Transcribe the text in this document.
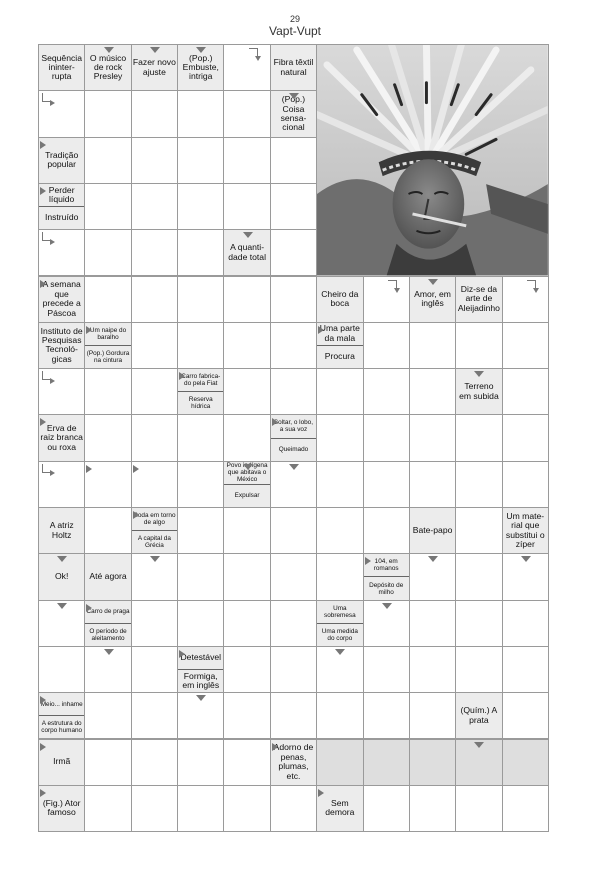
29
Vapt-Vupt
Sequência ininter- rupta
O músico de rock Presley
Fazer novo ajuste
(Pop.) Embuste, intriga
Fibra têxtil natural
(Pop.) Coisa sensa- cional
Tradição popular
Perder líquido
Instruído
A quanti- dade total
A semana que precede a Páscoa
Cheiro da boca
Amor, em inglês
Diz-se da arte de Aleijadinho
Instituto de Pesquisas Tecnoló- gicas
Um naipe do baralho
(Pop.) Gordura na cintura
Uma parte da mala
Procura
Carro fabrica- do pela Fiat
Reserva hídrica
Terreno em subida
Erva de raiz branca ou roxa
Soltar, o lobo, a sua voz
Queimado
Povo indígena que abitava o México
Expulsar
A atriz Holtz
Roda em torno de algo
A capital da Grécia
Bate-papo
Um mate- rial que substitui o zíper
Ok!	Até agora
104, em romanos
Depósito de milho
Carro de praga
O período de aleitamento
Uma sobremesa
Uma medida do corpo
Detestável
Formiga, em inglês
Meio... inhame
A estrutura do corpo humano
(Quím.) A prata
Irmã
Adorno de penas, plumas, etc.
(Fig.) Ator famoso
Sem demora
